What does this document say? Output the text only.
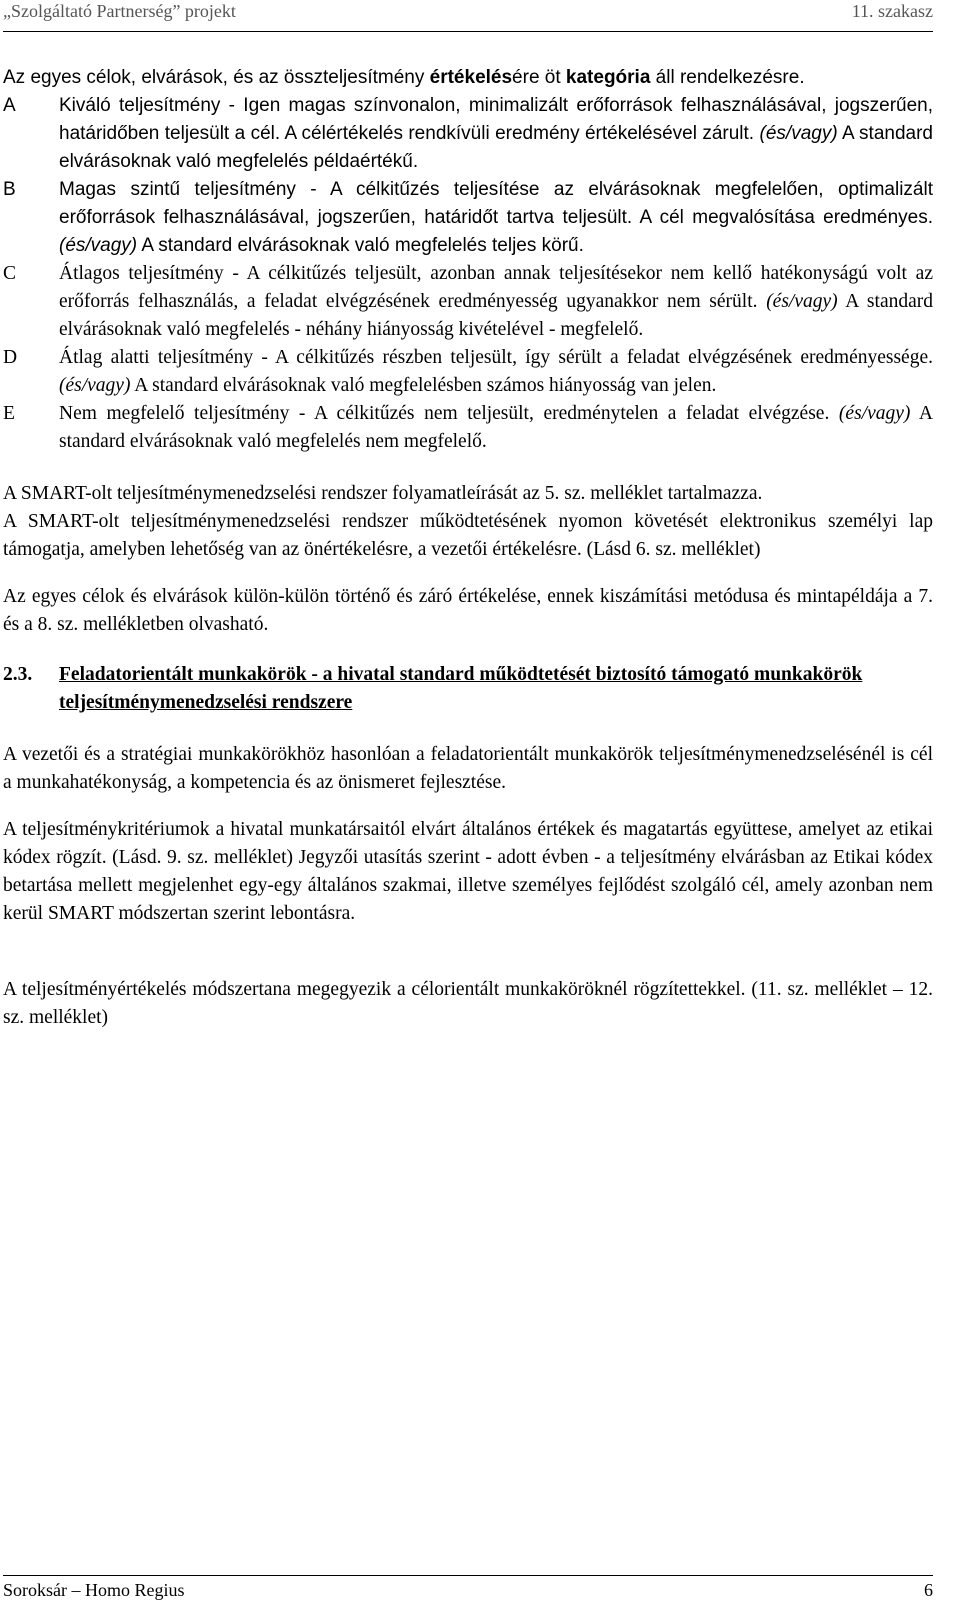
„Szolgáltató Partnerség” projekt	11. szakasz

Az egyes célok, elvárások, és az összteljesítmény értékelésére öt kategória áll rendelkezésre.

A	Kiváló teljesítmény - Igen magas színvonalon, minimalizált erőforrások felhasználásával, jogszerűen, határidőben teljesült a cél. A célértékelés rendkívüli eredmény értékelésével zárult. (és/vagy) A standard elvárásoknak való megfelelés példaértékű.
B	Magas szintű teljesítmény - A célkitűzés teljesítése az elvárásoknak megfelelően, optimalizált erőforrások felhasználásával, jogszerűen, határidőt tartva teljesült. A cél megvalósítása eredményes. (és/vagy) A standard elvárásoknak való megfelelés teljes körű.
C	Átlagos teljesítmény - A célkitűzés teljesült, azonban annak teljesítésekor nem kellő hatékonyságú volt az erőforrás felhasználás, a feladat elvégzésének eredményesség ugyanakkor nem sérült. (és/vagy) A standard elvárásoknak való megfelelés - néhány hiányosság kivételével - megfelelő.
D	Átlag alatti teljesítmény - A célkitűzés részben teljesült, így sérült a feladat elvégzésének eredményessége. (és/vagy) A standard elvárásoknak való megfelelésben számos hiányosság van jelen.
E	Nem megfelelő teljesítmény - A célkitűzés nem teljesült, eredménytelen a feladat elvégzése. (és/vagy) A standard elvárásoknak való megfelelés nem megfelelő.

A SMART-olt teljesítménymenedzselési rendszer folyamatleírását az 5. sz. melléklet tartalmazza.

A SMART-olt teljesítménymenedzselési rendszer működtetésének nyomon követését elektronikus személyi lap támogatja, amelyben lehetőség van az önértékelésre, a vezetői értékelésre. (Lásd 6. sz. melléklet)

Az egyes célok és elvárások külön-külön történő és záró értékelése, ennek kiszámítási metódusa és mintapéldája a 7. és a 8. sz. mellékletben olvasható.

2.3.	Feladatorientált munkakörök - a hivatal standard működtetését biztosító támogató munkakörök teljesítménymenedzselési rendszere

A vezetői és a stratégiai munkakörökhöz hasonlóan a feladatorientált munkakörök teljesítménymenedzselésénél is cél a munkahatékonyság, a kompetencia és az önismeret fejlesztése.

A teljesítménykritériumok a hivatal munkatársaitól elvárt általános értékek és magatartás együttese, amelyet az etikai kódex rögzít. (Lásd. 9. sz. melléklet) Jegyzői utasítás szerint - adott évben - a teljesítmény elvárásban az Etikai kódex betartása mellett megjelenhet egy-egy általános szakmai, illetve személyes fejlődést szolgáló cél, amely azonban nem kerül SMART módszertan szerint lebontásra.

A teljesítményértékelés módszertana megegyezik a célorientált munkaköröknél rögzítettekkel. (11. sz. melléklet – 12. sz. melléklet)

Soroksár – Homo Regius	6
